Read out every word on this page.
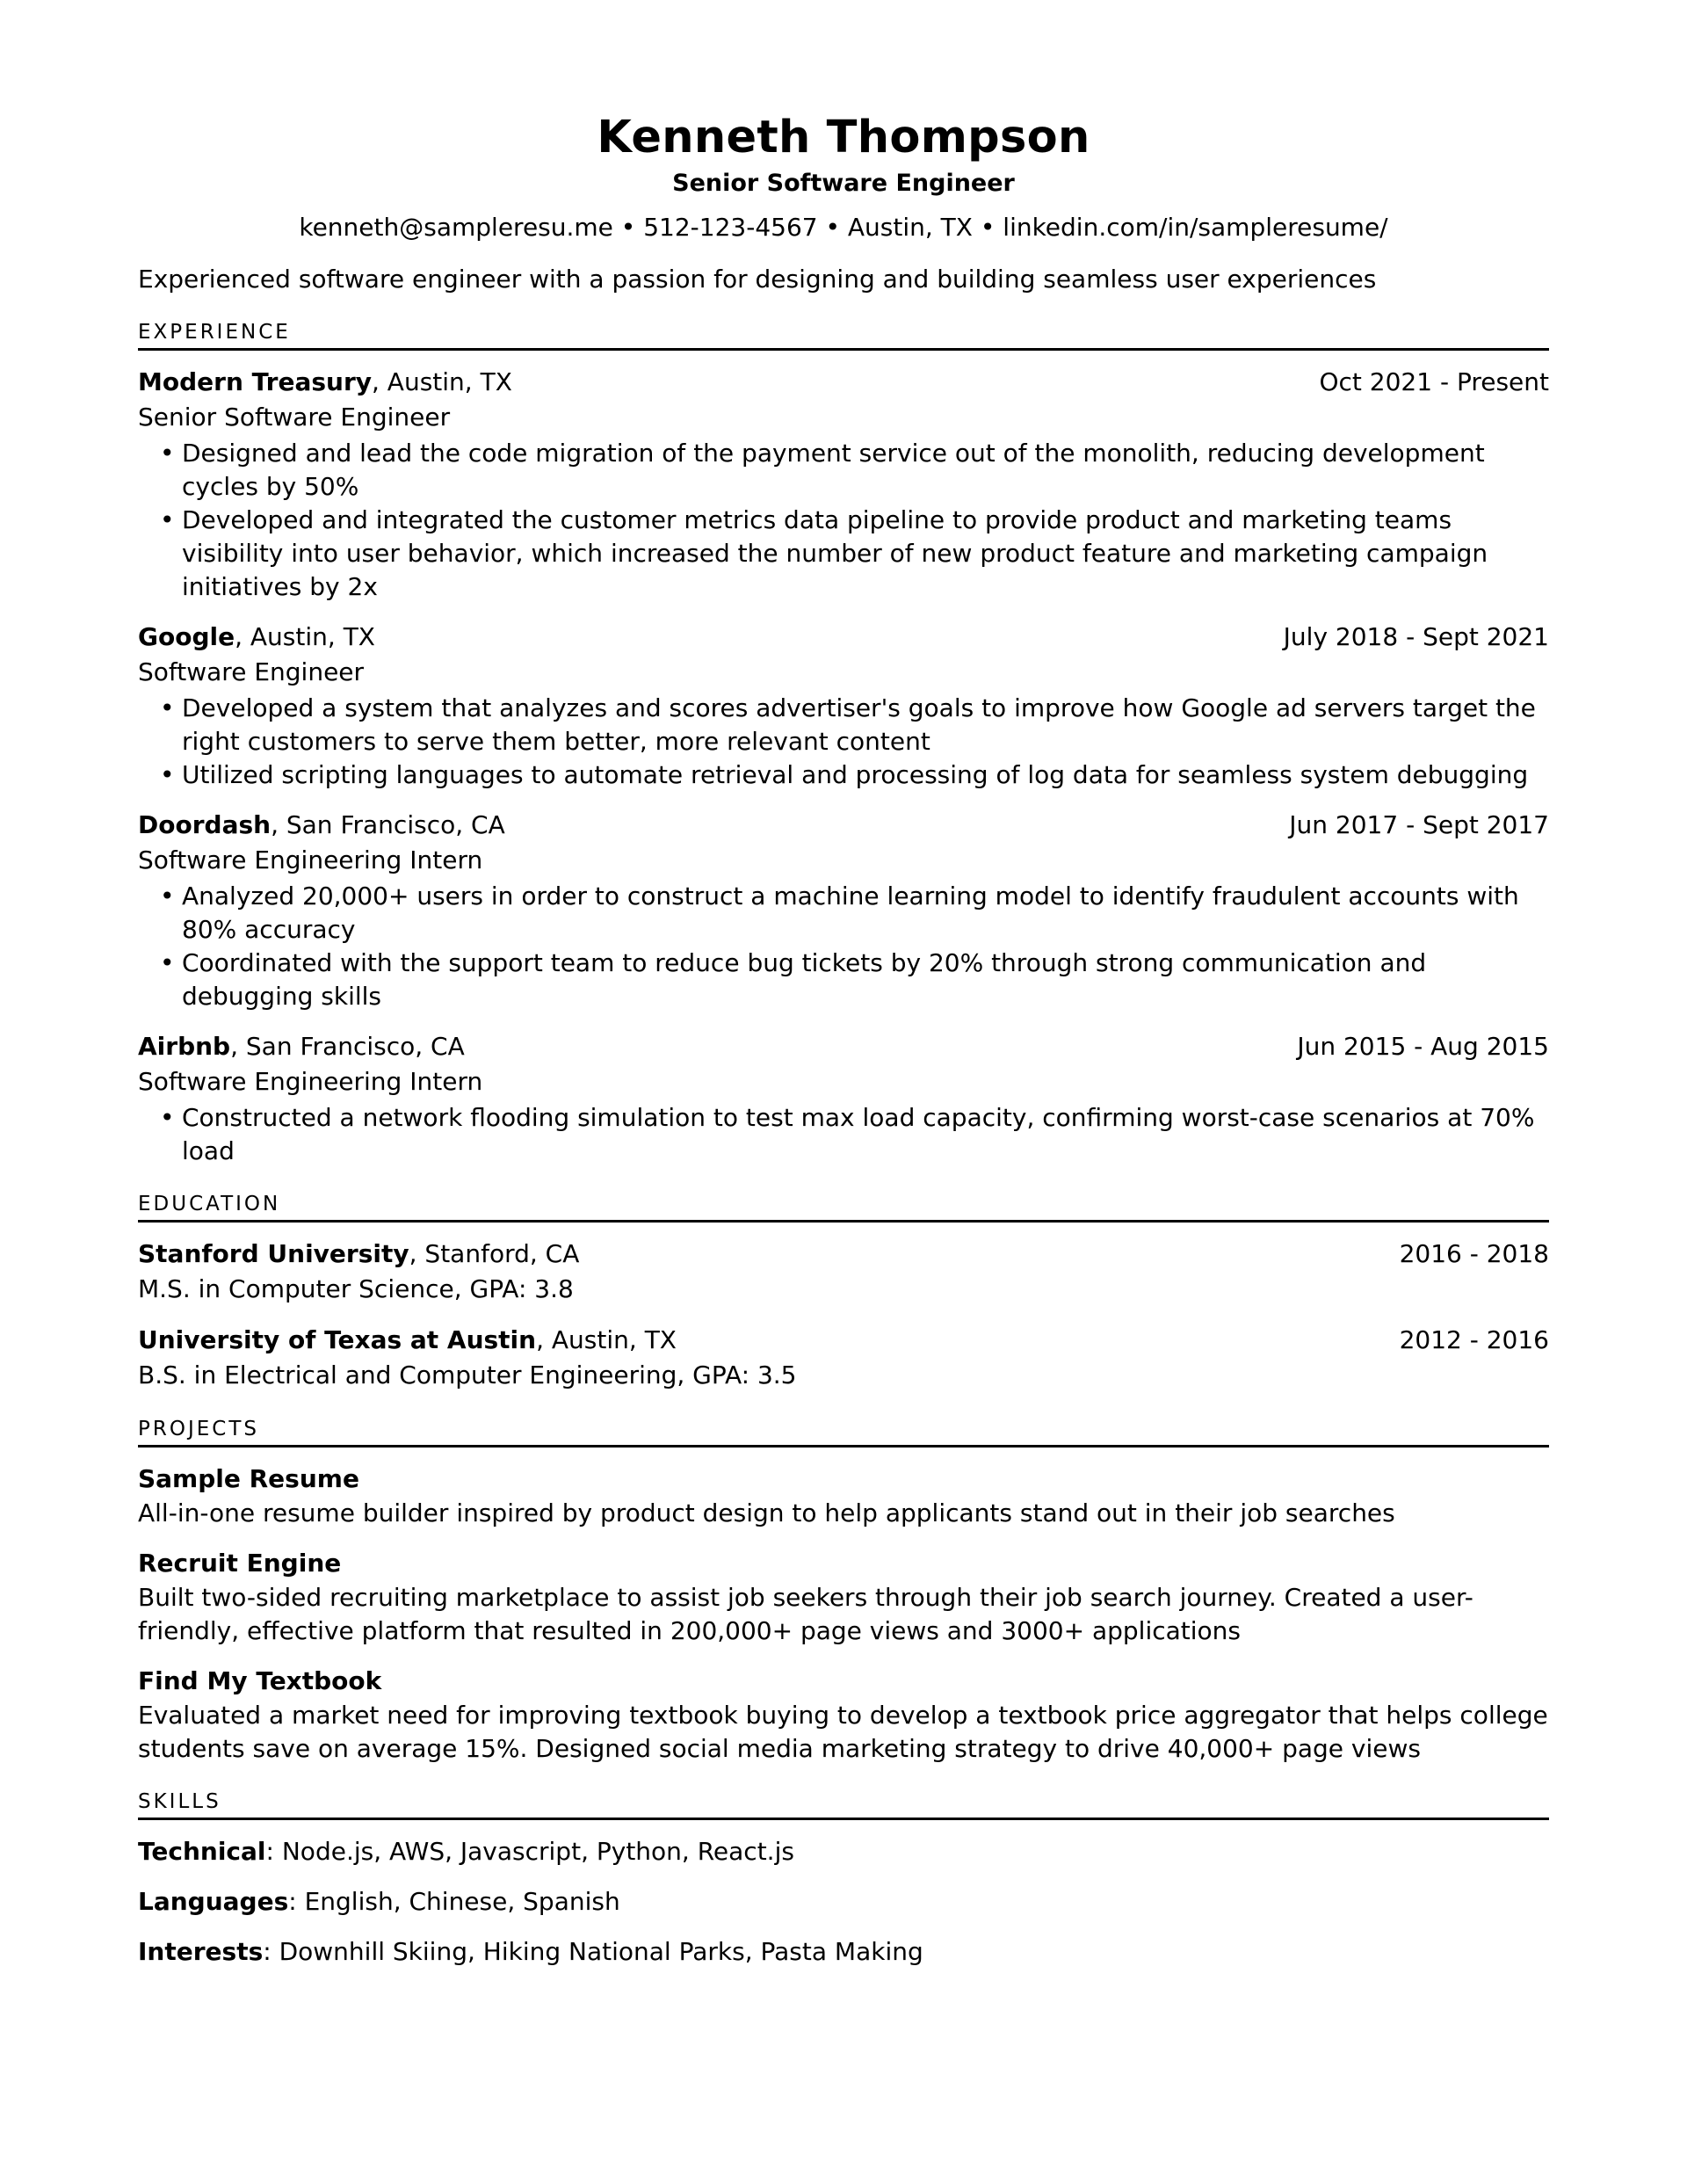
Kenneth Thompson
Senior Software Engineer
kenneth@sampleresu.me • 512-123-4567 • Austin, TX • linkedin.com/in/sampleresume/
Experienced software engineer with a passion for designing and building seamless user experiences
EXPERIENCE
Modern Treasury, Austin, TX	Oct 2021 - Present
Senior Software Engineer
• Designed and lead the code migration of the payment service out of the monolith, reducing development cycles by 50%
• Developed and integrated the customer metrics data pipeline to provide product and marketing teams visibility into user behavior, which increased the number of new product feature and marketing campaign initiatives by 2x
Google, Austin, TX	July 2018 - Sept 2021
Software Engineer
• Developed a system that analyzes and scores advertiser's goals to improve how Google ad servers target the right customers to serve them better, more relevant content
• Utilized scripting languages to automate retrieval and processing of log data for seamless system debugging
Doordash, San Francisco, CA	Jun 2017 - Sept 2017
Software Engineering Intern
• Analyzed 20,000+ users in order to construct a machine learning model to identify fraudulent accounts with 80% accuracy
• Coordinated with the support team to reduce bug tickets by 20% through strong communication and debugging skills
Airbnb, San Francisco, CA	Jun 2015 - Aug 2015
Software Engineering Intern
• Constructed a network flooding simulation to test max load capacity, confirming worst-case scenarios at 70% load
EDUCATION
Stanford University, Stanford, CA	2016 - 2018
M.S. in Computer Science, GPA: 3.8
University of Texas at Austin, Austin, TX	2012 - 2016
B.S. in Electrical and Computer Engineering, GPA: 3.5
PROJECTS
Sample Resume
All-in-one resume builder inspired by product design to help applicants stand out in their job searches
Recruit Engine
Built two-sided recruiting marketplace to assist job seekers through their job search journey. Created a user-friendly, effective platform that resulted in 200,000+ page views and 3000+ applications
Find My Textbook
Evaluated a market need for improving textbook buying to develop a textbook price aggregator that helps college students save on average 15%. Designed social media marketing strategy to drive 40,000+ page views
SKILLS
Technical: Node.js, AWS, Javascript, Python, React.js
Languages: English, Chinese, Spanish
Interests: Downhill Skiing, Hiking National Parks, Pasta Making
